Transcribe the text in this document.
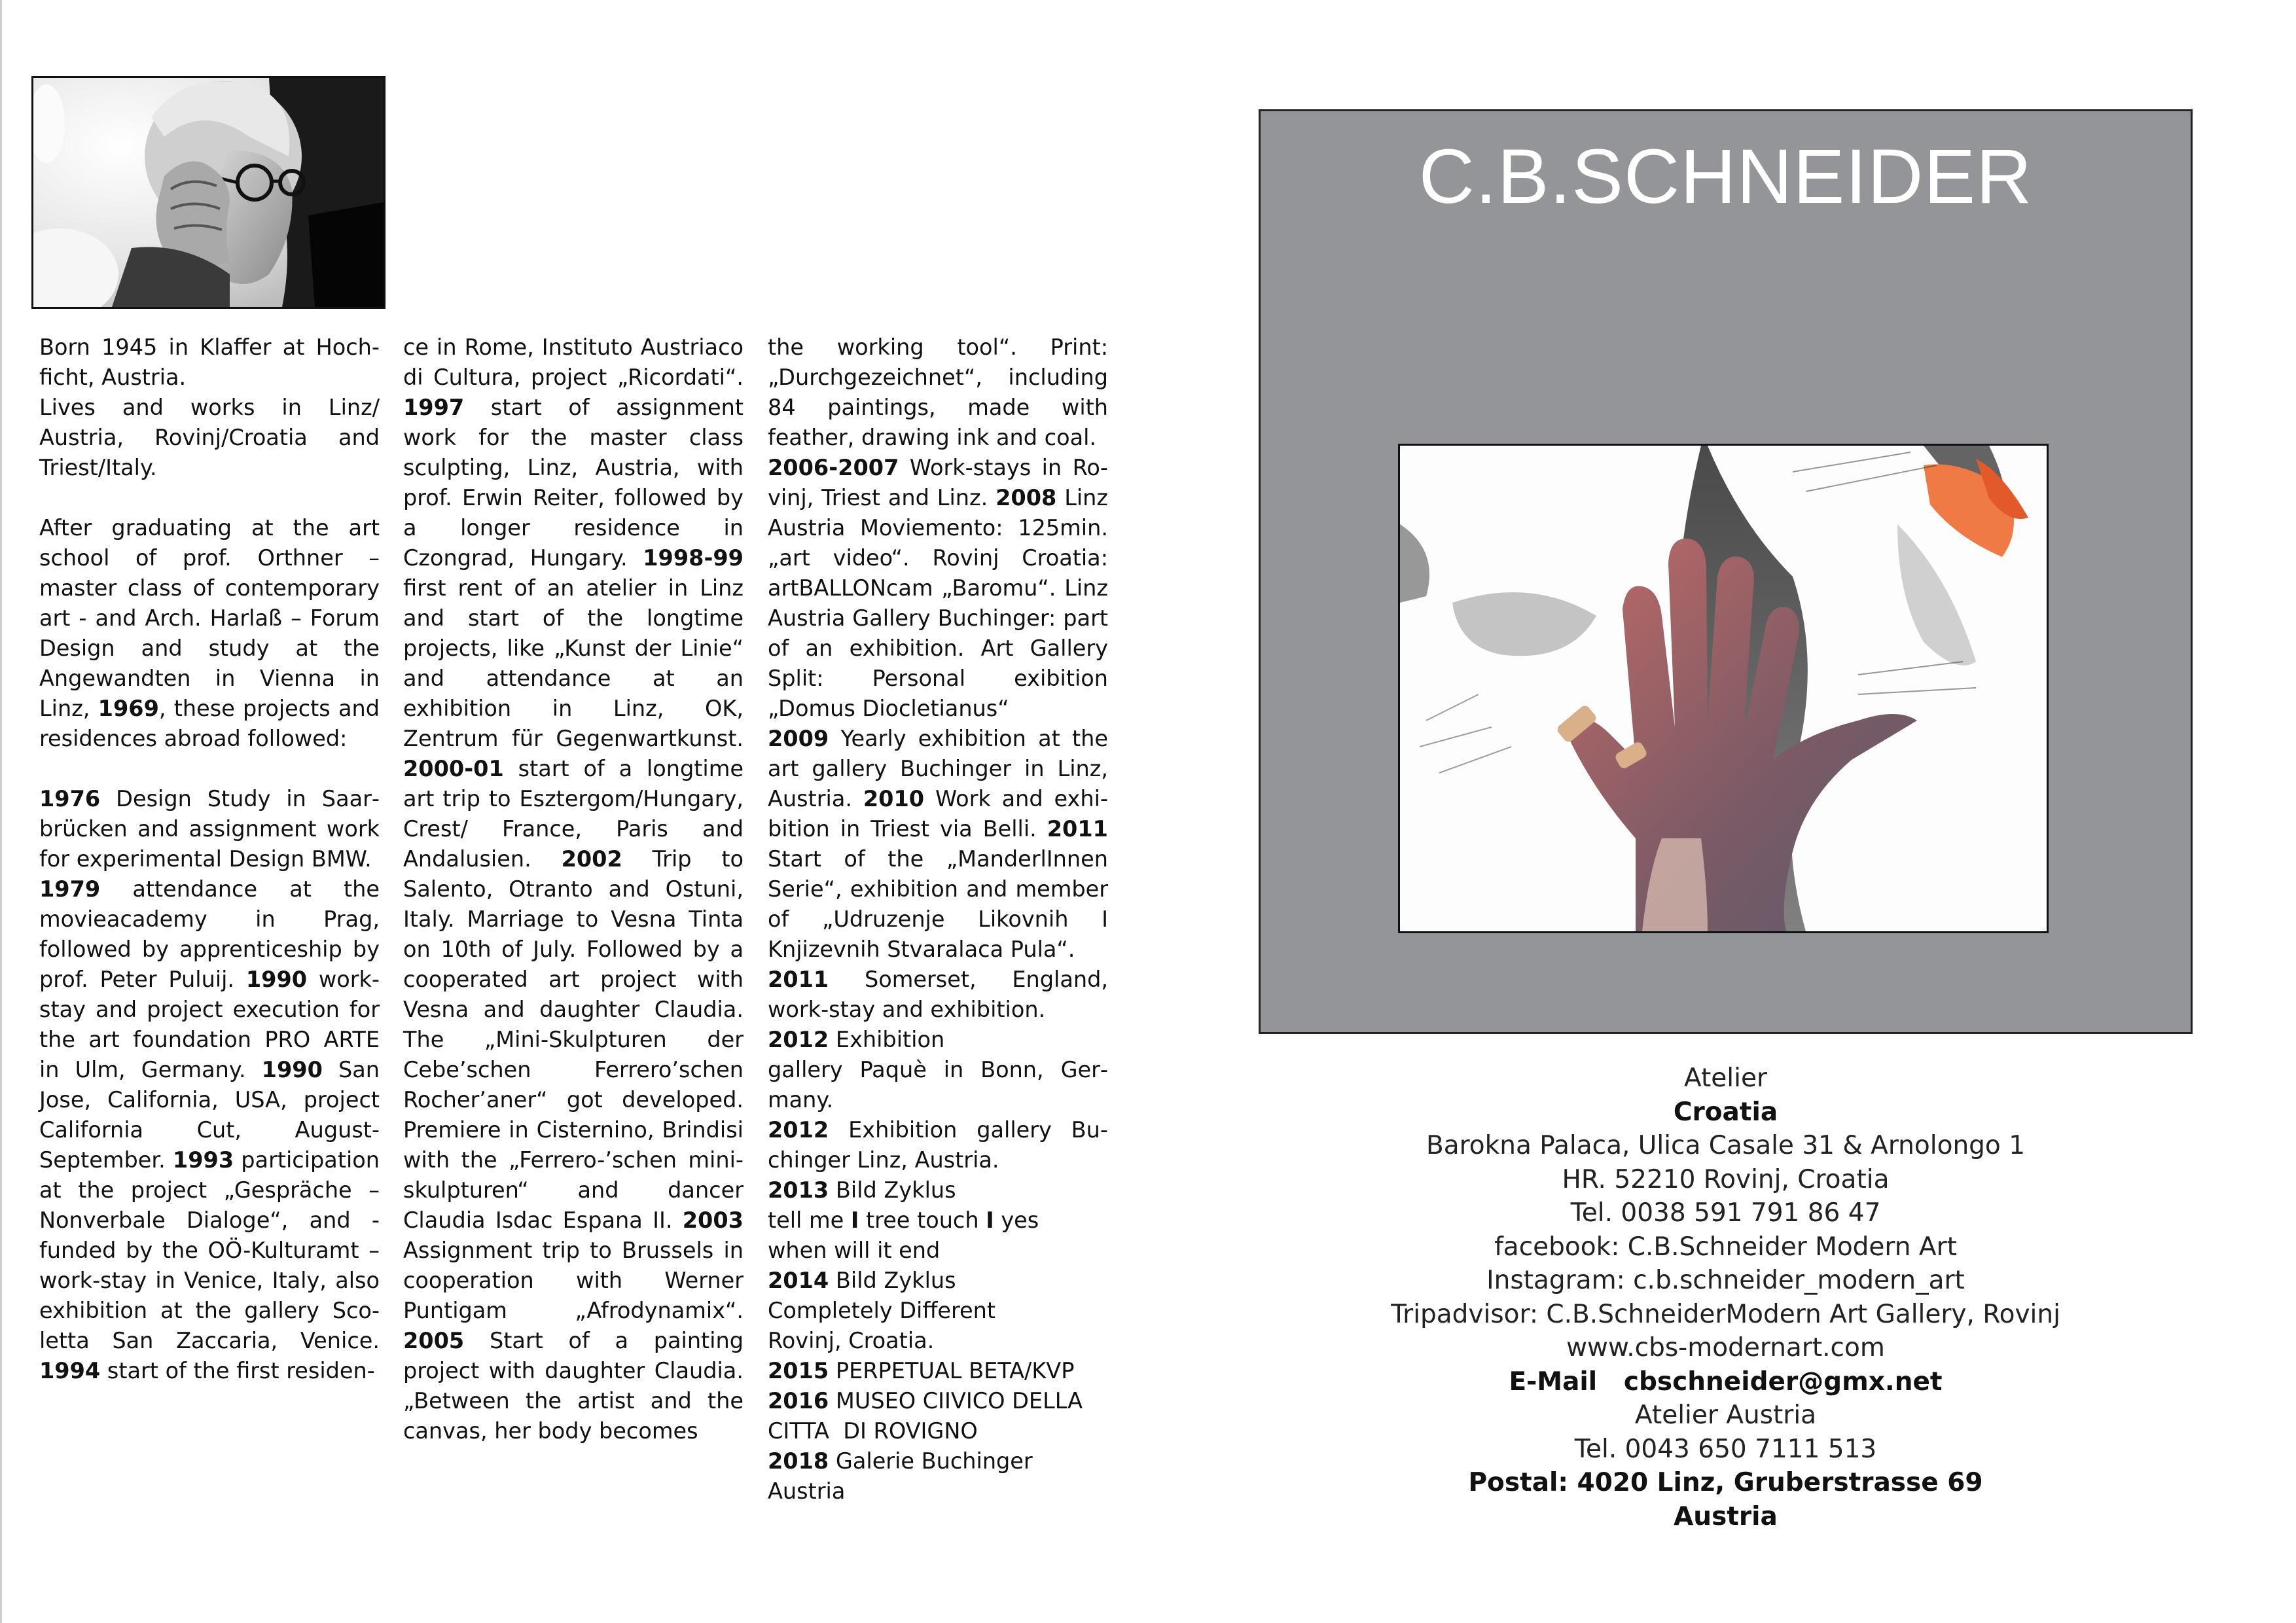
Born 1945 in Klaffer at Hochficht, Austria.

Lives and works in Linz/ Austria, Rovinj/Croatia and Triest/Italy.

After graduating at the art school of prof. Orthner – master class of contemporary art - and Arch. Harlaß – Forum Design and study at the Angewandten in Vienna in Linz, 1969, these projects and residences abroad followed:

1976 Design Study in Saarbrücken and assignment work for experimental Design BMW.

1979 attendance at the movieacademy in Prag, followed by apprenticeship by prof. Peter Puluij. 1990 work-stay and project execution for the art foundation PRO ARTE in Ulm, Germany. 1990 San Jose, California, USA, project California Cut, August-September. 1993 participation at the project „Gespräche – Nonverbale Dialoge“, and - funded by the OÖ-Kulturamt – work-stay in Venice, Italy, also exhibition at the gallery Scoletta San Zaccaria, Venice. 1994 start of the first residen-

ce in Rome, Instituto Austriaco di Cultura, project „Ricordati“. 1997 start of assignment work for the master class sculpting, Linz, Austria, with prof. Erwin Reiter, followed by a longer residence in Czongrad, Hungary. 1998-99 first rent of an atelier in Linz and start of the longtime projects, like „Kunst der Linie“ and attendance at an exhibition in Linz, OK, Zentrum für Gegenwartkunst. 2000-01 start of a longtime art trip to Esztergom/Hungary, Crest/ France, Paris and Andalusien. 2002 Trip to Salento, Otranto and Ostuni, Italy. Marriage to Vesna Tinta on 10th of July. Followed by a cooperated art project with Vesna and daughter Claudia. The „Mini-Skulpturen der Cebe’schen Ferrero’schen Rocher’aner“ got developed. Premiere in Cisternino, Brindisi with the „Ferrero-’schen mini-skulpturen“ and dancer Claudia Isdac Espana II. 2003 Assignment trip to Brussels in cooperation with Werner Puntigam „Afrodynamix“. 2005 Start of a painting project with daughter Claudia. „Between the artist and the canvas, her body becomes

the working tool“. Print: „Durchgezeichnet“, including 84 paintings, made with feather, drawing ink and coal.

2006-2007 Work-stays in Rovinj, Triest and Linz. 2008 Linz Austria Moviemento: 125min. „art video“. Rovinj Croatia: artBALLONcam „Baromu“. Linz Austria Gallery Buchinger: part of an exhibition. Art Gallery Split: Personal exibition „Domus Diocletianus“

2009 Yearly exhibition at the art gallery Buchinger in Linz, Austria. 2010 Work and exhibition in Triest via Belli. 2011 Start of the „ManderlInnen Serie“, exhibition and member of „Udruzenje Likovnih I Knjizevnih Stvaralaca Pula“.

2011 Somerset, England, work-stay and exhibition.

2012 Exhibition

gallery Paquè in Bonn, Germany.

2012 Exhibition gallery Buchinger Linz, Austria.

2013 Bild Zyklus

tell me I tree touch I yes

when will it end

2014 Bild Zyklus

Completely Different

Rovinj, Croatia.

2015 PERPETUAL BETA/KVP

2016 MUSEO CIIVICO DELLA

CITTA  DI ROVIGNO

2018 Galerie Buchinger

Austria

C.B.SCHNEIDER
Atelier
Croatia
Barokna Palaca, Ulica Casale 31 & Arnolongo 1
HR. 52210 Rovinj, Croatia
Tel. 0038 591 791 86 47
facebook: C.B.Schneider Modern Art
Instagram: c.b.schneider_modern_art
Tripadvisor: C.B.SchneiderModern Art Gallery, Rovinj
www.cbs-modernart.com
E-Mail   cbschneider@gmx.net
Atelier Austria
Tel. 0043 650 7111 513
Postal: 4020 Linz, Gruberstrasse 69
Austria
